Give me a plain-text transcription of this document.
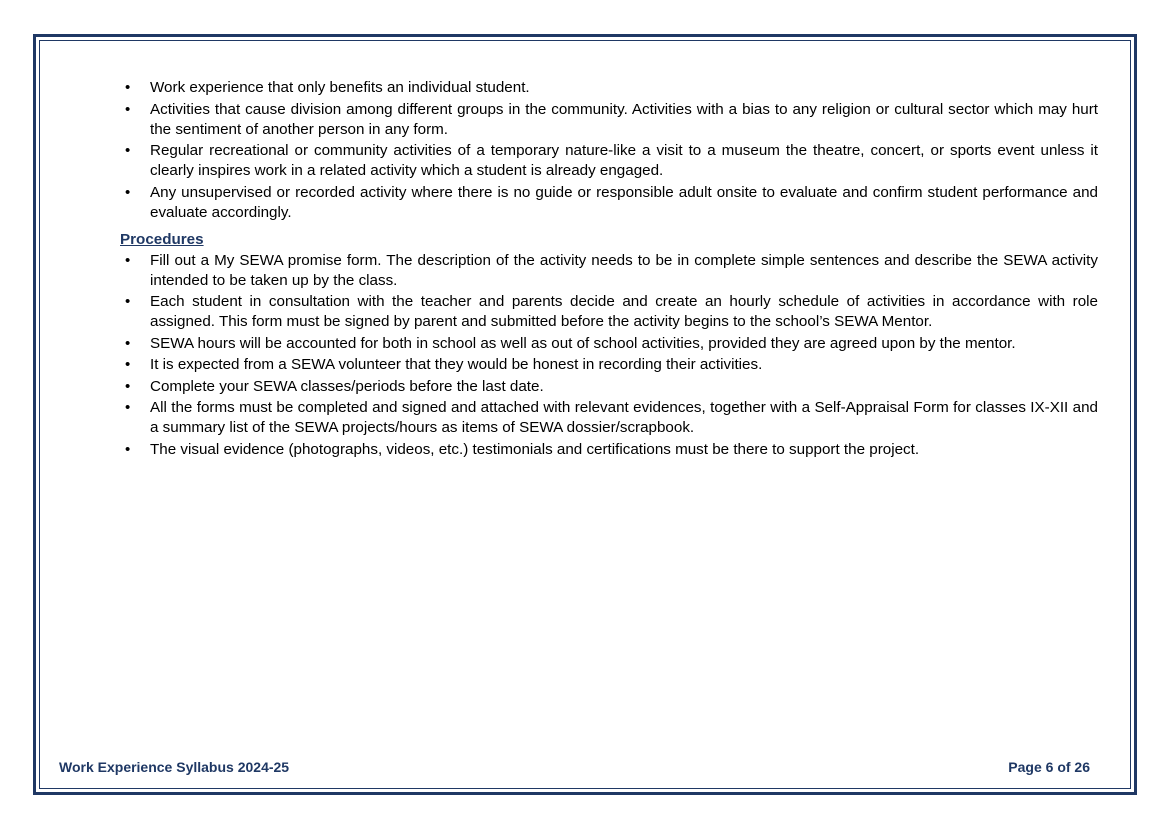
• Work experience that only benefits an individual student.
• Activities that cause division among different groups in the community. Activities with a bias to any religion or cultural sector which may hurt the sentiment of another person in any form.
• Regular recreational or community activities of a temporary nature-like a visit to a museum the theatre, concert, or sports event unless it clearly inspires work in a related activity which a student is already engaged.
• Any unsupervised or recorded activity where there is no guide or responsible adult onsite to evaluate and confirm student performance and evaluate accordingly.
Procedures
• Fill out a My SEWA promise form. The description of the activity needs to be in complete simple sentences and describe the SEWA activity intended to be taken up by the class.
• Each student in consultation with the teacher and parents decide and create an hourly schedule of activities in accordance with role assigned. This form must be signed by parent and submitted before the activity begins to the school’s SEWA Mentor.
• SEWA hours will be accounted for both in school as well as out of school activities, provided they are agreed upon by the mentor.
• It is expected from a SEWA volunteer that they would be honest in recording their activities.
• Complete your SEWA classes/periods before the last date.
• All the forms must be completed and signed and attached with relevant evidences, together with a Self-Appraisal Form for classes IX-XII and a summary list of the SEWA projects/hours as items of SEWA dossier/scrapbook.
• The visual evidence (photographs, videos, etc.) testimonials and certifications must be there to support the project.
Work Experience Syllabus 2024-25	Page 6 of 26
